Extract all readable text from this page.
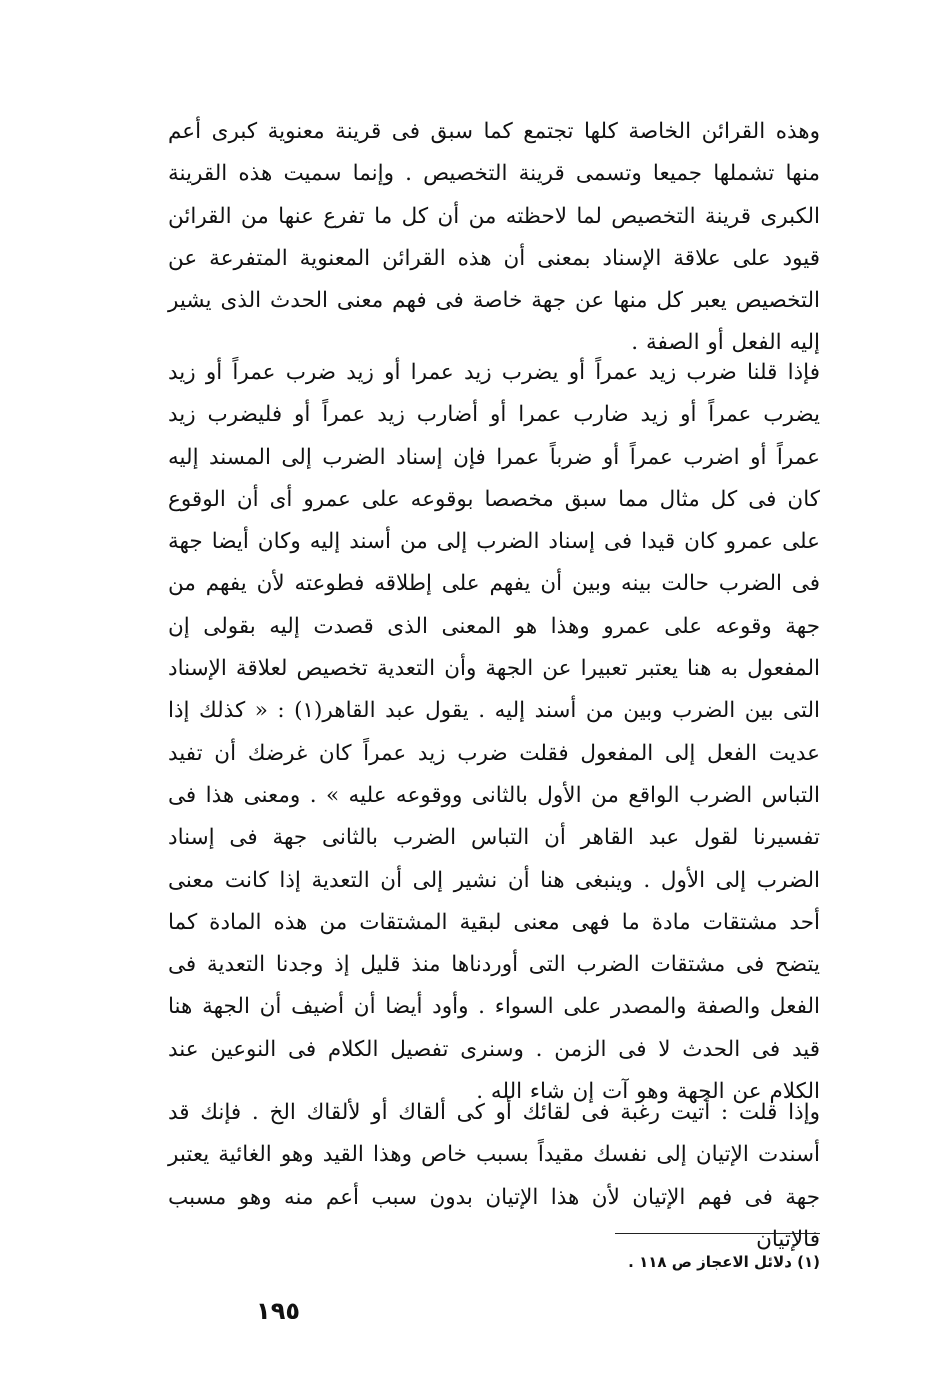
وهذه القرائن الخاصة كلها تجتمع كما سبق فى قرينة معنوية كبرى أعم منها تشملها جميعا وتسمى قرينة التخصيص . وإنما سميت هذه القرينة الكبرى قرينة التخصيص لما لاحظته من أن كل ما تفرع عنها من القرائن قيود على علاقة الإسناد بمعنى أن هذه القرائن المعنوية المتفرعة عن التخصيص يعبر كل منها عن جهة خاصة فى فهم معنى الحدث الذى يشير إليه الفعل أو الصفة .

فإذا قلنا ضرب زيد عمراً أو يضرب زيد عمرا أو زيد ضرب عمراً أو زيد يضرب عمراً أو زيد ضارب عمرا أو أضارب زيد عمراً أو فليضرب زيد عمراً أو اضرب عمراً أو ضرباً عمرا فإن إسناد الضرب إلى المسند إليه كان فى كل مثال مما سبق مخصصا بوقوعه على عمرو أى أن الوقوع على عمرو كان قيدا فى إسناد الضرب إلى من أسند إليه وكان أيضا جهة فى الضرب حالت بينه وبين أن يفهم على إطلاقه فطوعته لأن يفهم من جهة وقوعه على عمرو وهذا هو المعنى الذى قصدت إليه بقولى إن المفعول به هنا يعتبر تعبيرا عن الجهة وأن التعدية تخصيص لعلاقة الإسناد التى بين الضرب وبين من أسند إليه . يقول عبد القاهر(١) : « كذلك إذا عديت الفعل إلى المفعول فقلت ضرب زيد عمراً كان غرضك أن تفيد التباس الضرب الواقع من الأول بالثانى ووقوعه عليه » . ومعنى هذا فى تفسيرنا لقول عبد القاهر أن التباس الضرب بالثانى جهة فى إسناد الضرب إلى الأول . وينبغى هنا أن نشير إلى أن التعدية إذا كانت معنى أحد مشتقات مادة ما فهى معنى لبقية المشتقات من هذه المادة كما يتضح فى مشتقات الضرب التى أوردناها منذ قليل إذ وجدنا التعدية فى الفعل والصفة والمصدر على السواء . وأود أيضا أن أضيف أن الجهة هنا قيد فى الحدث لا فى الزمن . وسنرى تفصيل الكلام فى النوعين عند الكلام عن الجهة وهو آت إن شاء الله .

وإذا قلت : أتيت رغبة فى لقائك أو كى ألقاك أو لألقاك الخ . فإنك قد أسندت الإتيان إلى نفسك مقيداً بسبب خاص وهذا القيد وهو الغائية يعتبر جهة فى فهم الإتيان لأن هذا الإتيان بدون سبب أعم منه وهو مسبب فالإتيان

(١) دلائل الاعجاز ص ١١٨ .
١٩٥
